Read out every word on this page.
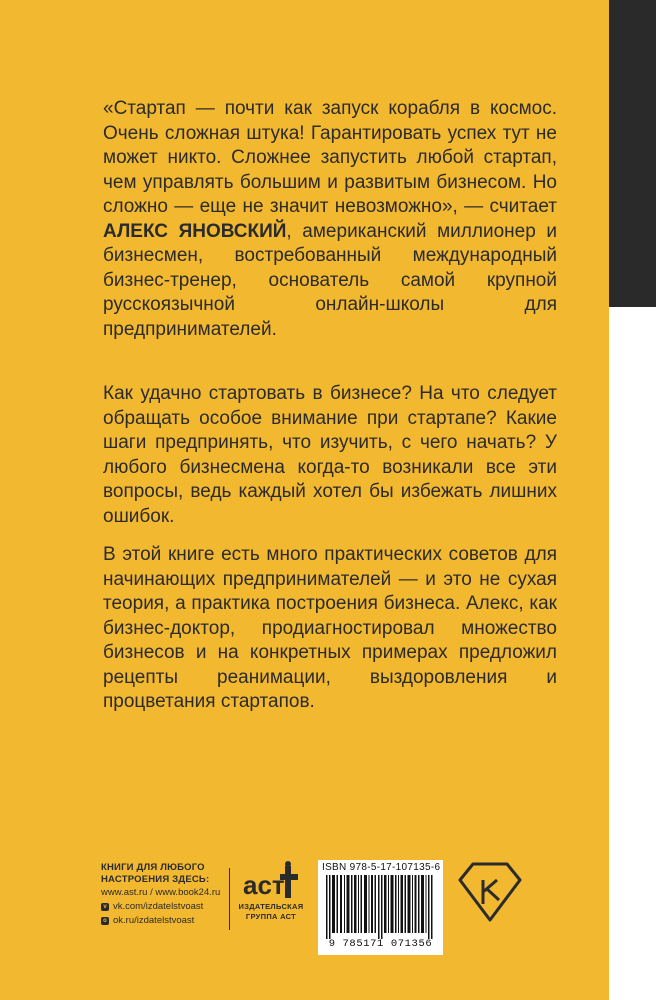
«Стартап — почти как запуск корабля в космос. Очень сложная штука! Гарантировать успех тут не может никто. Сложнее запустить любой стартап, чем управлять большим и развитым бизнесом. Но сложно — еще не значит невозможно», — считает АЛЕКС ЯНОВСКИЙ, американский миллионер и бизнесмен, востребованный международный бизнес-тренер, основатель самой крупной русскоязычной онлайн-школы для предпринимателей.

Как удачно стартовать в бизнесе? На что следует обращать особое внимание при стартапе? Какие шаги предпринять, что изучить, с чего начать? У любого бизнесмена когда-то возникали все эти вопросы, ведь каждый хотел бы избежать лишних ошибок.

В этой книге есть много практических советов для начинающих предпринимателей — и это не сухая теория, а практика построения бизнеса. Алекс, как бизнес-доктор, продиагностировал множество бизнесов и на конкретных примерах предложил рецепты реанимации, выздоровления и процветания стартапов.

КНИГИ ДЛЯ ЛЮБОГО
НАСТРОЕНИЯ ЗДЕСЬ:
www.ast.ru / www.book24.ru
v vk.com/izdatelstvoast
o ok.ru/izdatelstvoast
аст
ИЗДАТЕЛЬСКАЯ
ГРУППА АСТ
ISBN 978-5-17-107135-6
9 785171 071356
